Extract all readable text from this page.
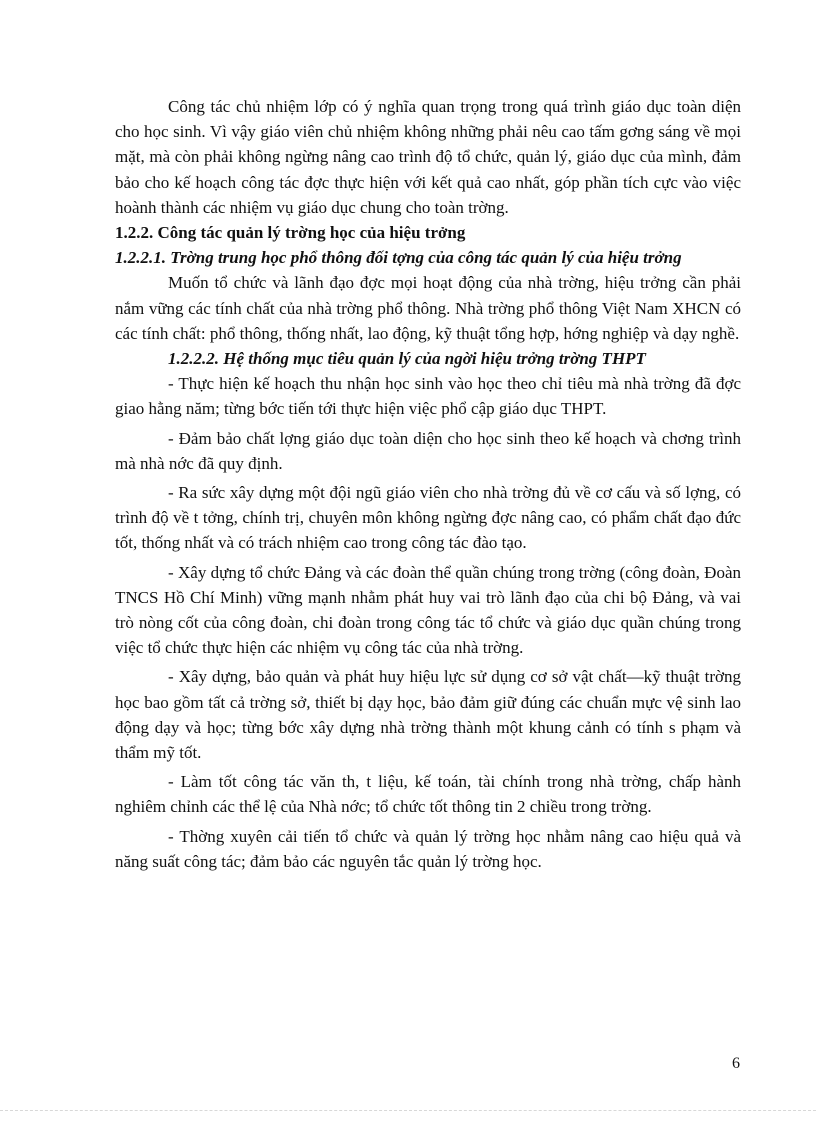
Công tác chủ nhiệm lớp có ý nghĩa quan trọng trong quá trình giáo dục toàn diện cho học sinh. Vì vậy giáo viên chủ nhiệm không những phải nêu cao tấm gơng sáng về mọi mặt, mà còn phải không ngừng nâng cao trình độ tổ chức, quản lý, giáo dục của mình, đảm bảo cho kế hoạch công tác đợc thực hiện với kết quả cao nhất, góp phần tích cực vào việc hoành thành các nhiệm vụ giáo dục chung cho toàn trờng.

1.2.2. Công tác quản lý trờng học của hiệu trởng

1.2.2.1. Trờng trung học phổ thông đối tợng của công tác quản lý của hiệu trởng

Muốn tổ chức và lãnh đạo đợc mọi hoạt động của nhà trờng, hiệu trởng cần phải nắm vững các tính chất của nhà trờng phổ thông. Nhà trờng phổ thông Việt Nam XHCN có các tính chất: phổ thông, thống nhất, lao động, kỹ thuật tổng hợp, hớng nghiệp và dạy nghề.

1.2.2.2. Hệ thống mục tiêu quản lý của ngời hiệu trởng trờng THPT

- Thực hiện kế hoạch thu nhận học sinh vào học theo chỉ tiêu mà nhà trờng đã đợc giao hằng năm; từng bớc tiến tới thực hiện việc phổ cập giáo dục THPT.

- Đảm bảo chất lợng giáo dục toàn diện cho học sinh theo kế hoạch và chơng trình mà nhà nớc đã quy định.

- Ra sức xây dựng một đội ngũ giáo viên cho nhà trờng đủ về cơ cấu và số lợng, có trình độ về t tởng, chính trị, chuyên môn không ngừng đợc nâng cao, có phẩm chất đạo đức tốt, thống nhất và có trách nhiệm cao trong công tác đào tạo.

- Xây dựng tổ chức Đảng và các đoàn thể quần chúng trong trờng (công đoàn, Đoàn TNCS Hồ Chí Minh) vững mạnh nhằm phát huy vai trò lãnh đạo của chi bộ Đảng, và vai trò nòng cốt của công đoàn, chi đoàn trong công tác tổ chức và giáo dục quần chúng trong việc tổ chức thực hiện các nhiệm vụ công tác của nhà trờng.

- Xây dựng, bảo quản và phát huy hiệu lực sử dụng cơ sở vật chất—kỹ thuật trờng học bao gồm tất cả trờng sở, thiết bị dạy học, bảo đảm giữ đúng các chuẩn mực vệ sinh lao động dạy và học; từng bớc xây dựng nhà trờng thành một khung cảnh có tính s phạm và thẩm mỹ tốt.

- Làm tốt công tác văn th, t liệu, kế toán, tài chính trong nhà trờng, chấp hành nghiêm chỉnh các thể lệ của Nhà nớc; tổ chức tốt thông tin 2 chiều trong trờng.

- Thờng xuyên cải tiến tổ chức và quản lý trờng học nhằm nâng cao hiệu quả và năng suất công tác; đảm bảo các nguyên tắc quản lý trờng học.

6
